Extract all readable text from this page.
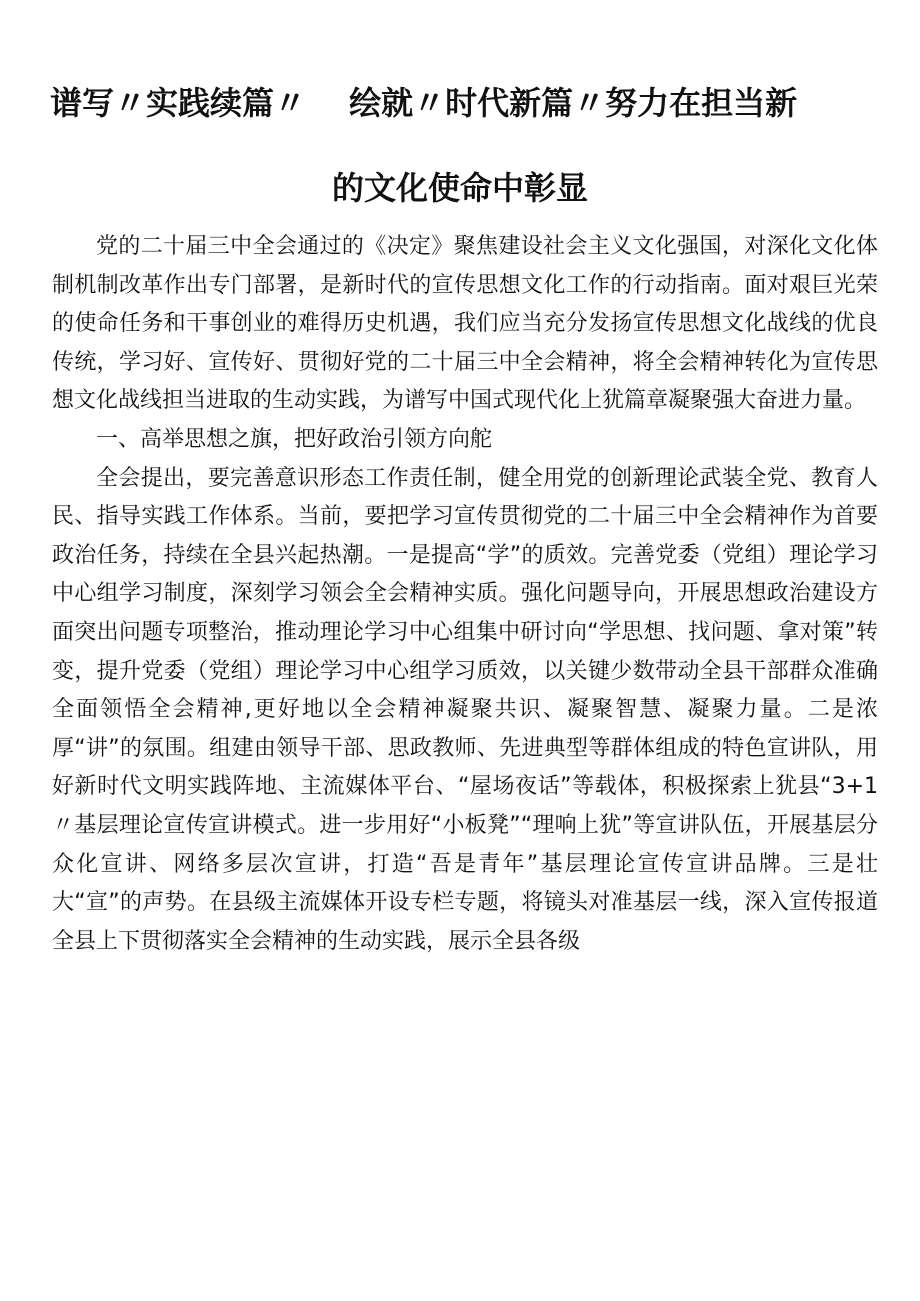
谱写〃实践续篇〃　 绘就〃时代新篇〃努力在担当新
的文化使命中彰显

党的二十届三中全会通过的《决定》聚焦建设社会主义文化强国，对深化文化体制机制改革作出专门部署，是新时代的宣传思想文化工作的行动指南。面对艰巨光荣的使命任务和干事创业的难得历史机遇，我们应当充分发扬宣传思想文化战线的优良传统，学习好、宣传好、贯彻好党的二十届三中全会精神，将全会精神转化为宣传思想文化战线担当进取的生动实践，为谱写中国式现代化上犹篇章凝聚强大奋进力量。

一、高举思想之旗，把好政治引领方向舵

全会提出，要完善意识形态工作责任制，健全用党的创新理论武装全党、教育人民、指导实践工作体系。当前，要把学习宣传贯彻党的二十届三中全会精神作为首要政治任务，持续在全县兴起热潮。一是提高“学”的质效。完善党委（党组）理论学习中心组学习制度，深刻学习领会全会精神实质。强化问题导向，开展思想政治建设方面突出问题专项整治，推动理论学习中心组集中研讨向“学思想、找问题、拿对策”转变，提升党委（党组）理论学习中心组学习质效，以关键少数带动全县干部群众准确全面领悟全会精神,更好地以全会精神凝聚共识、凝聚智慧、凝聚力量。二是浓厚“讲”的氛围。组建由领导干部、思政教师、先进典型等群体组成的特色宣讲队，用好新时代文明实践阵地、主流媒体平台、“屋场夜话”等载体，积极探索上犹县“3+1〃基层理论宣传宣讲模式。进一步用好“小板凳”“理响上犹”等宣讲队伍，开展基层分众化宣讲、网络多层次宣讲，打造“吾是青年”基层理论宣传宣讲品牌。三是壮大“宣”的声势。在县级主流媒体开设专栏专题，将镜头对准基层一线，深入宣传报道全县上下贯彻落实全会精神的生动实践，展示全县各级
